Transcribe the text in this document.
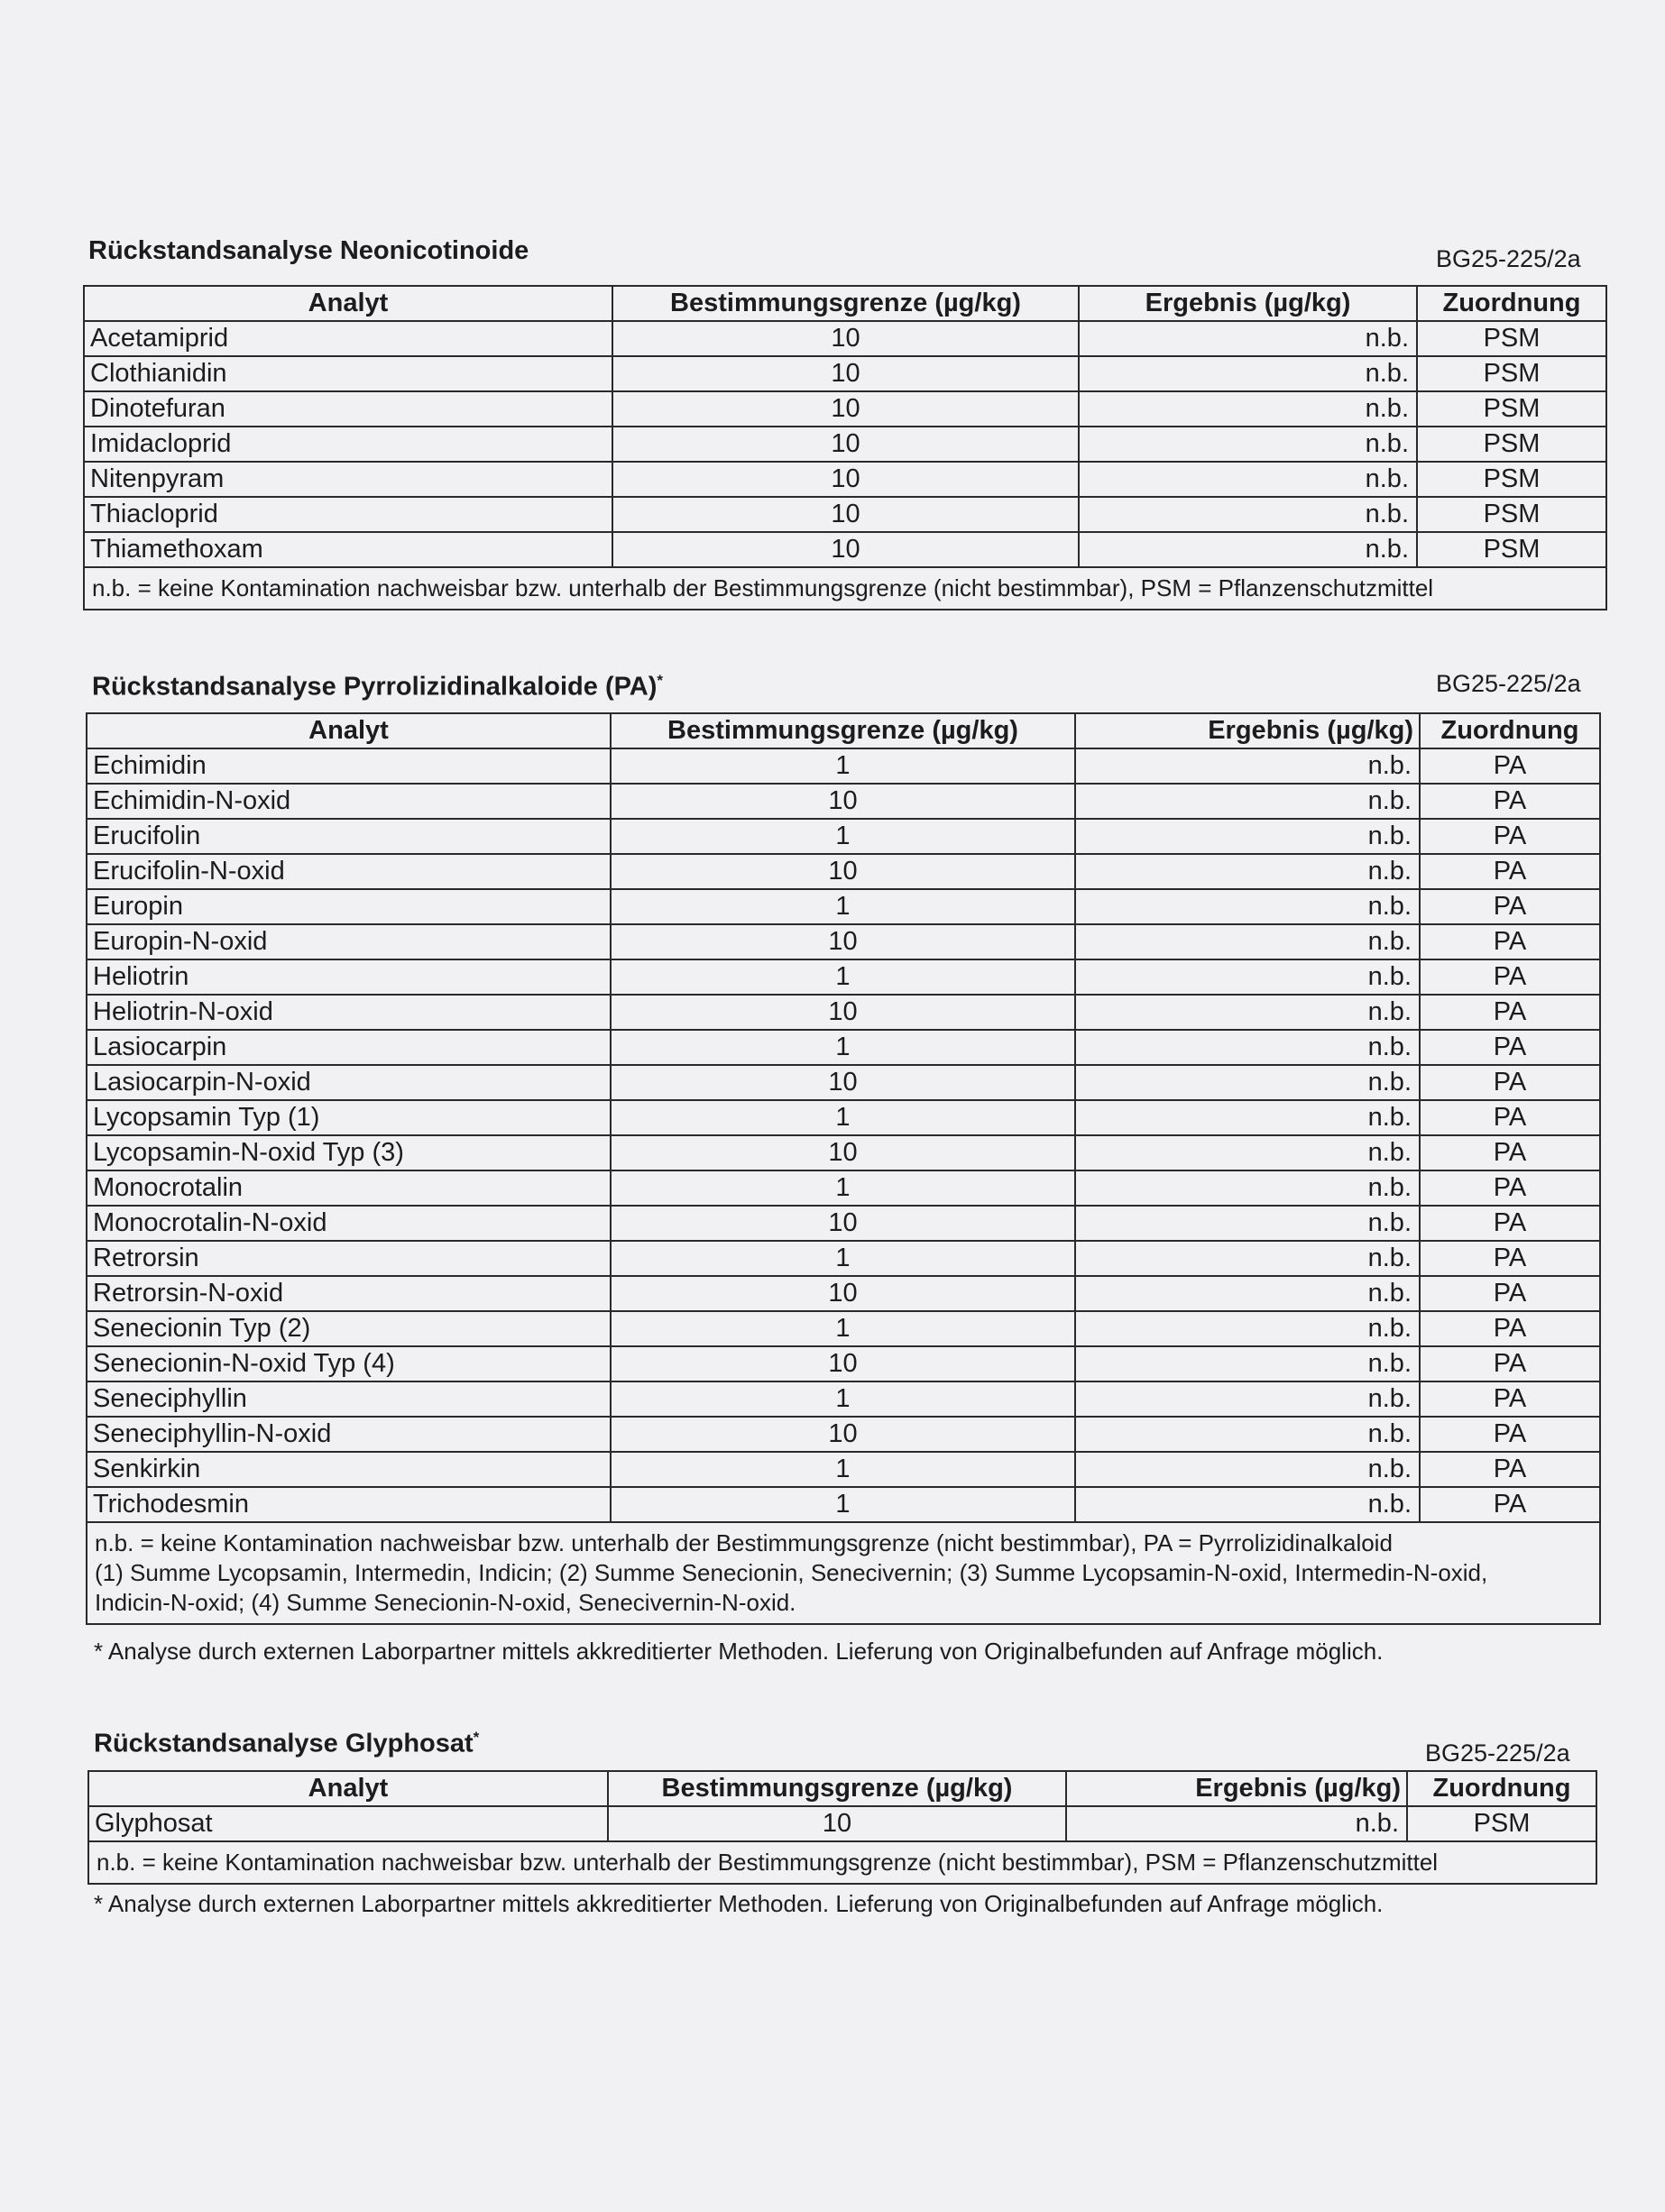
Rückstandsanalyse Neonicotinoide	BG25-225/2a
Analyt	Bestimmungsgrenze (µg/kg)	Ergebnis (µg/kg)	Zuordnung
Acetamiprid	10	n.b.	PSM
Clothianidin	10	n.b.	PSM
Dinotefuran	10	n.b.	PSM
Imidacloprid	10	n.b.	PSM
Nitenpyram	10	n.b.	PSM
Thiacloprid	10	n.b.	PSM
Thiamethoxam	10	n.b.	PSM
n.b. = keine Kontamination nachweisbar bzw. unterhalb der Bestimmungsgrenze (nicht bestimmbar), PSM = Pflanzenschutzmittel			
Rückstandsanalyse Pyrrolizidinalkaloide (PA)*	BG25-225/2a
Analyt	Bestimmungsgrenze (µg/kg)	Ergebnis (µg/kg)	Zuordnung
Echimidin	1	n.b.	PA
Echimidin-N-oxid	10	n.b.	PA
Erucifolin	1	n.b.	PA
Erucifolin-N-oxid	10	n.b.	PA
Europin	1	n.b.	PA
Europin-N-oxid	10	n.b.	PA
Heliotrin	1	n.b.	PA
Heliotrin-N-oxid	10	n.b.	PA
Lasiocarpin	1	n.b.	PA
Lasiocarpin-N-oxid	10	n.b.	PA
Lycopsamin Typ (1)	1	n.b.	PA
Lycopsamin-N-oxid Typ (3)	10	n.b.	PA
Monocrotalin	1	n.b.	PA
Monocrotalin-N-oxid	10	n.b.	PA
Retrorsin	1	n.b.	PA
Retrorsin-N-oxid	10	n.b.	PA
Senecionin Typ (2)	1	n.b.	PA
Senecionin-N-oxid Typ (4)	10	n.b.	PA
Seneciphyllin	1	n.b.	PA
Seneciphyllin-N-oxid	10	n.b.	PA
Senkirkin	1	n.b.	PA
Trichodesmin	1	n.b.	PA

n.b. = keine Kontamination nachweisbar bzw. unterhalb der Bestimmungsgrenze (nicht bestimmbar), PA = Pyrrolizidinalkaloid
(1) Summe Lycopsamin, Intermedin, Indicin; (2) Summe Senecionin, Senecivernin; (3) Summe Lycopsamin-N-oxid, Intermedin-N-oxid,
Indicin-N-oxid; (4) Summe Senecionin-N-oxid, Senecivernin-N-oxid.			
* Analyse durch externen Laborpartner mittels akkreditierter Methoden. Lieferung von Originalbefunden auf Anfrage möglich.
Rückstandsanalyse Glyphosat*
BG25-225/2a
Analyt	Bestimmungsgrenze (µg/kg)	Ergebnis (µg/kg)	Zuordnung
Glyphosat	10	n.b.	PSM
n.b. = keine Kontamination nachweisbar bzw. unterhalb der Bestimmungsgrenze (nicht bestimmbar), PSM = Pflanzenschutzmittel			
* Analyse durch externen Laborpartner mittels akkreditierter Methoden. Lieferung von Originalbefunden auf Anfrage möglich.
